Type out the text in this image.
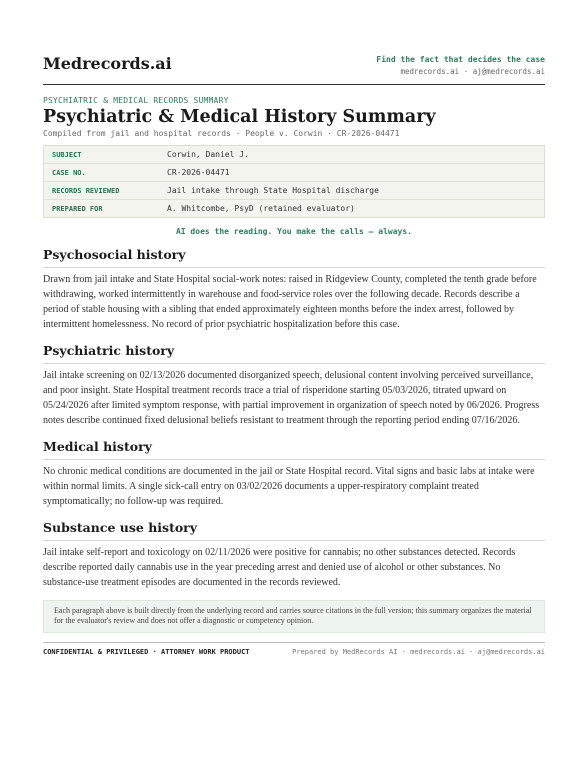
Medrecords.ai	Find the fact that decides the case
medrecords.ai · aj@medrecords.ai
PSYCHIATRIC & MEDICAL RECORDS SUMMARY
Psychiatric & Medical History Summary
Compiled from jail and hospital records · People v. Corwin · CR-2026-04471
SUBJECT	Corwin, Daniel J.
CASE NO.	CR-2026-04471
RECORDS REVIEWED	Jail intake through State Hospital discharge
PREPARED FOR	A. Whitcombe, PsyD (retained evaluator)
AI does the reading. You make the calls — always.
Psychosocial history

Drawn from jail intake and State Hospital social-work notes: raised in Ridgeview County, completed the tenth grade before withdrawing, worked intermittently in warehouse and food-service roles over the following decade. Records describe a period of stable housing with a sibling that ended approximately eighteen months before the index arrest, followed by intermittent homelessness. No record of prior psychiatric hospitalization before this case.

Psychiatric history

Jail intake screening on 02/13/2026 documented disorganized speech, delusional content involving perceived surveillance, and poor insight. State Hospital treatment records trace a trial of risperidone starting 05/03/2026, titrated upward on 05/24/2026 after limited symptom response, with partial improvement in organization of speech noted by 06/2026. Progress notes describe continued fixed delusional beliefs resistant to treatment through the reporting period ending 07/16/2026.

Medical history

No chronic medical conditions are documented in the jail or State Hospital record. Vital signs and basic labs at intake were within normal limits. A single sick-call entry on 03/02/2026 documents a upper-respiratory complaint treated symptomatically; no follow-up was required.

Substance use history

Jail intake self-report and toxicology on 02/11/2026 were positive for cannabis; no other substances detected. Records describe reported daily cannabis use in the year preceding arrest and denied use of alcohol or other substances. No substance-use treatment episodes are documented in the records reviewed.

Each paragraph above is built directly from the underlying record and carries source citations in the full version; this summary organizes the material for the evaluator's review and does not offer a diagnostic or competency opinion.
CONFIDENTIAL & PRIVILEGED · ATTORNEY WORK PRODUCT	Prepared by MedRecords AI · medrecords.ai · aj@medrecords.ai
